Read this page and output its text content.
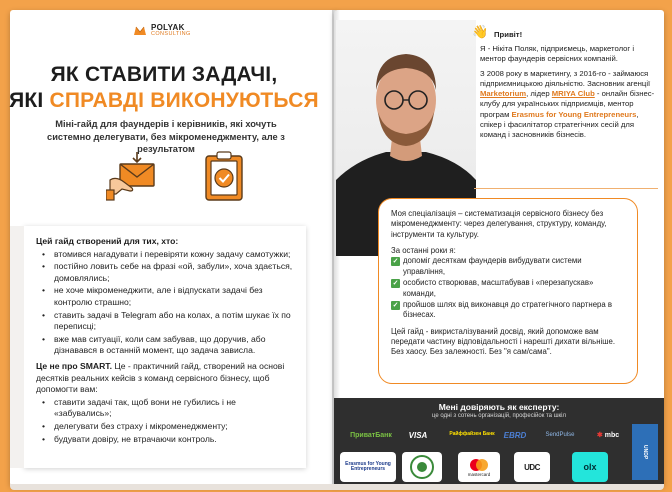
POLYAK
CONSULTING
ЯК СТАВИТИ ЗАДАЧІ,
ЯКІ СПРАВДІ ВИКОНУЮТЬСЯ
Міні-гайд для фаундерів і керівників, які хочуть системно делегувати, без мікроменеджменту, але з результатом
Цей гайд створений для тих, хто:
• втомився нагадувати і перевіряти кожну задачу самотужки;
• постійно ловить себе на фразі «ой, забули», хоча здається, домовлялись;
• не хоче мікроменеджити, але і відпускати задачі без контролю страшно;
• ставить задачі в Telegram або на колах, а потім шукає їх по переписці;
• вже мав ситуації, коли сам забував, що доручив, або дізнавався в останній момент, що задача зависла.
Це не про SMART. Це - практичний гайд, створений на основі десятків реальних кейсів з команд сервісного бізнесу, щоб допомогти вам:
• ставити задачі так, щоб вони не губились і не «забувались»;
• делегувати без страху і мікроменеджменту;
• будувати довіру, не втрачаючи контроль.
👋 Привіт!

Я - Нікіта Поляк, підприємець, маркетолог і ментор фаундерів сервісних компаній.

З 2008 року в маркетингу, з 2016-го - займаюся підприємницькою діяльністю. Засновник агенції Marketorium, лідер MRIYA Club - онлайн бізнес-клубу для українських підприємців, ментор програм Erasmus for Young Entrepreneurs, спікер і фасилітатор стратегічних сесій для команд і засновників бізнесів.

Моя спеціалізація – систематизація сервісного бізнесу без мікроменеджменту: через делегування, структуру, команду, інструменти та культуру.

За останні роки я:
✓ допоміг десяткам фаундерів вибудувати системи управління,
✓ особисто створював, масштабував і «перезапускав» команди,
✓ пройшов шлях від виконавця до стратегічного партнера в бізнесах.

Цей гайд - викристалізуваний досвід, який допоможе вам передати частину відповідальності і нарешті дихати вільніше. Без хаосу. Без залежності. Без "я сам/сама".

Мені довіряють як експерту:
це одні з сотень організацій, професійок та шкіл
ПриватБанк	VISA	Райффайзен Банк	EBRD	SendPulse	✱ mbc
UNDP
Erasmus for Young Entrepreneurs
mastercard
UDC	olx
